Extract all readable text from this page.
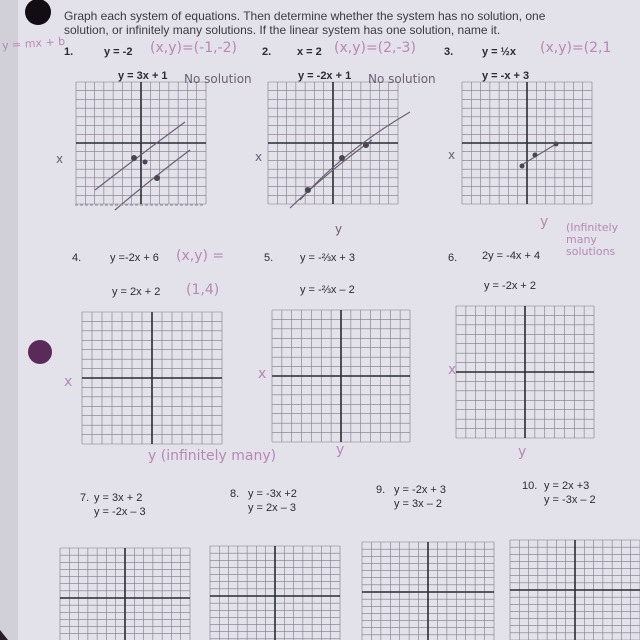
Graph each system of equations. Then determine whether the system has no solution, one
solution, or infinitely many solutions. If the linear system has one solution, name it.
y = mx + b
1.	y = -2
y = 3x + 1
(x,y)=(-1,-2)
No solution
2. x = 2
y = -2x + 1
(x,y)=(2,-3)
No solution
3.	y = ½x
y = -x + 3
(x,y)=(2,1
(Infinitely many solutions
4.	y =-2x + 6
y = 2x + 2
(x,y) =
(1,4)
y (infinitely many)
5. y = -⅔x + 3
y = -⅔x – 2
6. 2y = -4x + 4
y = -2x + 2
x	x
y
x
y
x	x
y
x
y
7. y = 3x + 2
y = -2x – 3
8. y = -3x +2
y = 2x – 3
9. y = -2x + 3
y = 3x – 2
10. y = 2x +3
y = -3x – 2
